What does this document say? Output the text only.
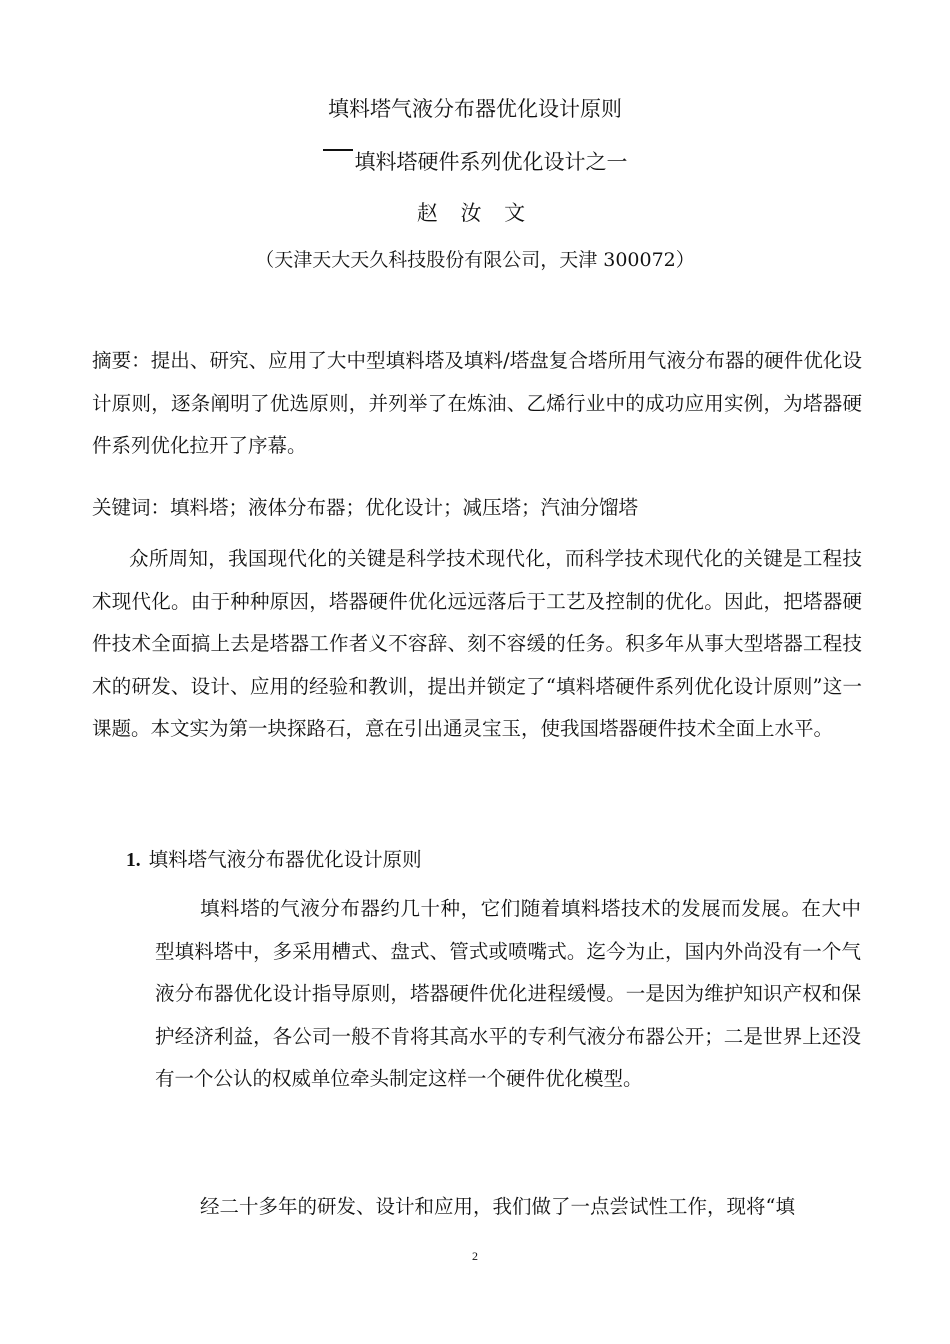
填料塔气液分布器优化设计原则
填料塔硬件系列优化设计之一
赵 汝 文
（天津天大天久科技股份有限公司，天津 300072）
摘要：提出、研究、应用了大中型填料塔及填料/塔盘复合塔所用气液分布器的硬件优化设计原则，逐条阐明了优选原则，并列举了在炼油、乙烯行业中的成功应用实例，为塔器硬件系列优化拉开了序幕。
关键词：填料塔；液体分布器；优化设计；减压塔；汽油分馏塔
众所周知，我国现代化的关键是科学技术现代化，而科学技术现代化的关键是工程技术现代化。由于种种原因，塔器硬件优化远远落后于工艺及控制的优化。因此，把塔器硬件技术全面搞上去是塔器工作者义不容辞、刻不容缓的任务。积多年从事大型塔器工程技术的研发、设计、应用的经验和教训，提出并锁定了“填料塔硬件系列优化设计原则”这一课题。本文实为第一块探路石，意在引出通灵宝玉，使我国塔器硬件技术全面上水平。
1. 填料塔气液分布器优化设计原则
填料塔的气液分布器约几十种，它们随着填料塔技术的发展而发展。在大中型填料塔中，多采用槽式、盘式、管式或喷嘴式。迄今为止，国内外尚没有一个气液分布器优化设计指导原则，塔器硬件优化进程缓慢。一是因为维护知识产权和保护经济利益，各公司一般不肯将其高水平的专利气液分布器公开；二是世界上还没有一个公认的权威单位牵头制定这样一个硬件优化模型。
经二十多年的研发、设计和应用，我们做了一点尝试性工作，现将“填
2
